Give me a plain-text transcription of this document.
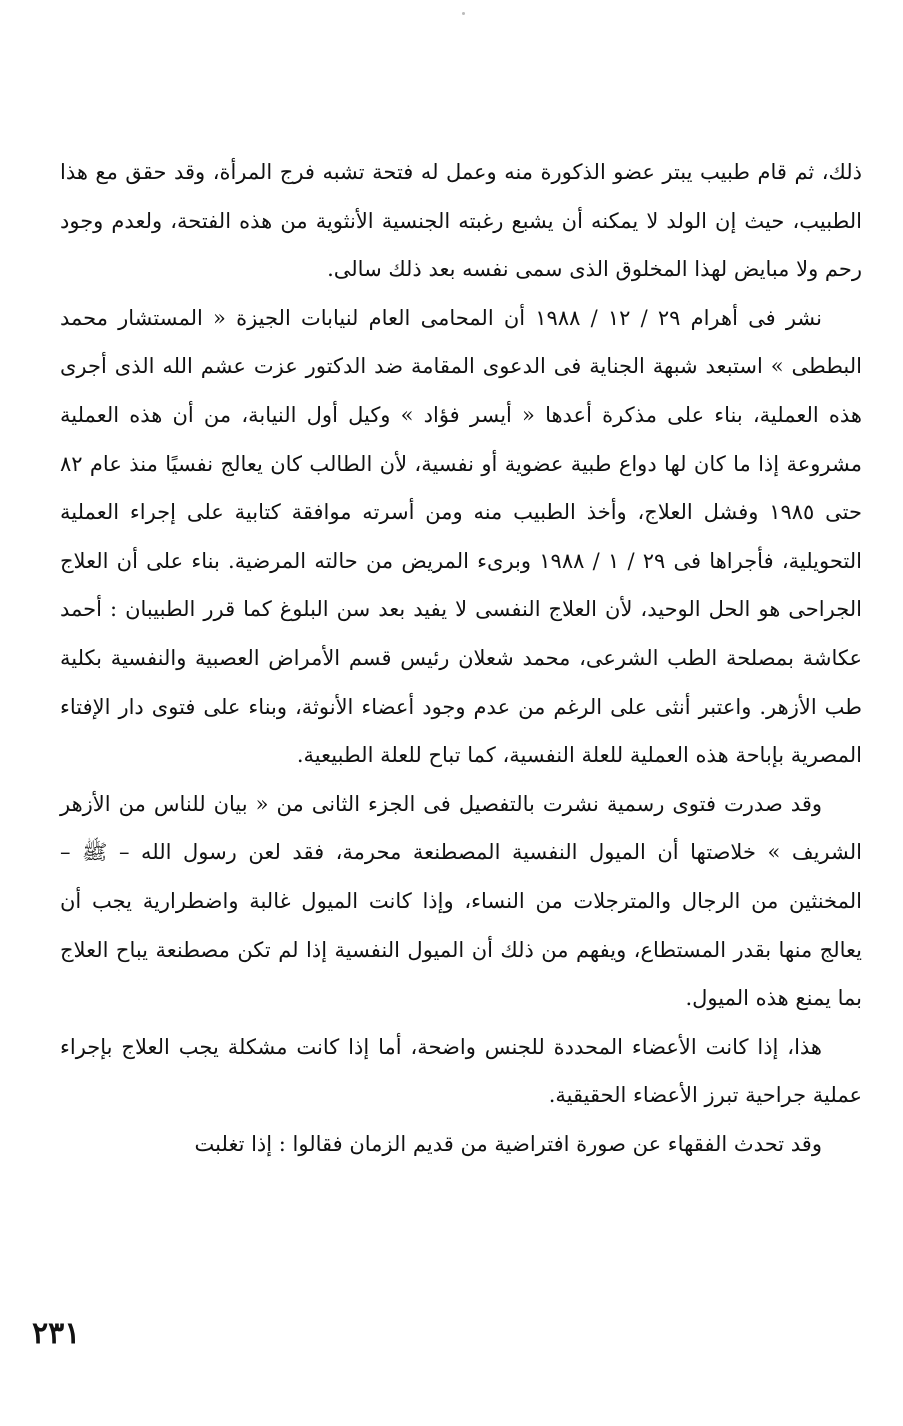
ذلك، ثم قام طبيب يبتر عضو الذكورة منه وعمل له فتحة تشبه فرج المرأة، وقد حقق مع هذا الطبيب، حيث إن الولد لا يمكنه أن يشبع رغبته الجنسية الأنثوية من هذه الفتحة، ولعدم وجود رحم ولا مبايض لهذا المخلوق الذى سمى نفسه بعد ذلك سالى.

نشر فى أهرام ٢٩ / ١٢ / ١٩٨٨ أن المحامى العام لنيابات الجيزة « المستشار محمد البططى » استبعد شبهة الجناية فى الدعوى المقامة ضد الدكتور عزت عشم الله الذى أجرى هذه العملية، بناء على مذكرة أعدها « أيسر فؤاد » وكيل أول النيابة، من أن هذه العملية مشروعة إذا ما كان لها دواع طبية عضوية أو نفسية، لأن الطالب كان يعالج نفسيًا منذ عام ٨٢ حتى ١٩٨٥ وفشل العلاج، وأخذ الطبيب منه ومن أسرته موافقة كتابية على إجراء العملية التحويلية، فأجراها فى ٢٩ / ١ / ١٩٨٨ وبرىء المريض من حالته المرضية. بناء على أن العلاج الجراحى هو الحل الوحيد، لأن العلاج النفسى لا يفيد بعد سن البلوغ كما قرر الطبيبان : أحمد عكاشة بمصلحة الطب الشرعى، محمد شعلان رئيس قسم الأمراض العصبية والنفسية بكلية طب الأزهر. واعتبر أنثى على الرغم من عدم وجود أعضاء الأنوثة، وبناء على فتوى دار الإفتاء المصرية بإباحة هذه العملية للعلة النفسية، كما تباح للعلة الطبيعية.

وقد صدرت فتوى رسمية نشرت بالتفصيل فى الجزء الثانى من « بيان للناس من الأزهر الشريف » خلاصتها أن الميول النفسية المصطنعة محرمة، فقد لعن رسول الله – ﷺ – المخنثين من الرجال والمترجلات من النساء، وإذا كانت الميول غالبة واضطرارية يجب أن يعالج منها بقدر المستطاع، ويفهم من ذلك أن الميول النفسية إذا لم تكن مصطنعة يباح العلاج بما يمنع هذه الميول.

هذا، إذا كانت الأعضاء المحددة للجنس واضحة، أما إذا كانت مشكلة يجب العلاج بإجراء عملية جراحية تبرز الأعضاء الحقيقية.

وقد تحدث الفقهاء عن صورة افتراضية من قديم الزمان فقالوا : إذا تغلبت

٢٣١
